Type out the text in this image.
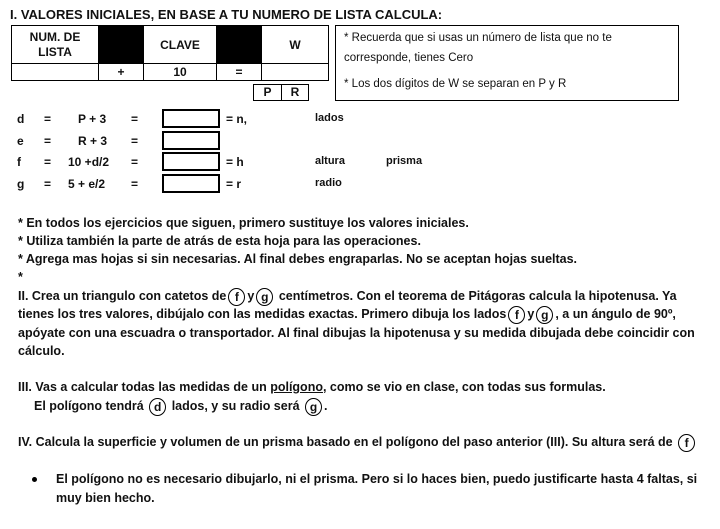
I. VALORES INICIALES, EN BASE A TU NUMERO DE LISTA CALCULA:
NUM. DE
LISTA		CLAVE		W
	+	10	=	
P	R
* Recuerda que si usas un número de lista que no te
corresponde, tienes Cero
* Los dos dígitos de W se separan en P y R
d = P + 3 =	= n,	lados
e = R + 3 =
f = 10 +d/2 =	= h	altura	prisma
g = 5 + e/2 =	= r	radio
* En todos los ejercicios que siguen, primero sustituye los valores iniciales.
* Utiliza también la parte de atrás de esta hoja para las operaciones.
* Agrega mas hojas si sin necesarias. Al final debes engraparlas. No se aceptan hojas sueltas.
*
II. Crea un triangulo con catetos de f y g centímetros. Con el teorema de Pitágoras calcula la hipotenusa. Ya
tienes los tres valores, dibújalo con las medidas exactas. Primero dibuja los lados f y g , a un ángulo de 90º,
apóyate con una escuadra o transportador. Al final dibujas la hipotenusa y su medida dibujada debe coincidir con
cálculo.
III. Vas a calcular todas las medidas de un polígono, como se vio en clase, con todas sus formulas.
El polígono tendrá d lados, y su radio será g .
IV. Calcula la superficie y volumen de un prisma basado en el polígono del paso anterior (III). Su altura será de f
El polígono no es necesario dibujarlo, ni el prisma. Pero si lo haces bien, puedo justificarte hasta 4 faltas, si
muy bien hecho.
